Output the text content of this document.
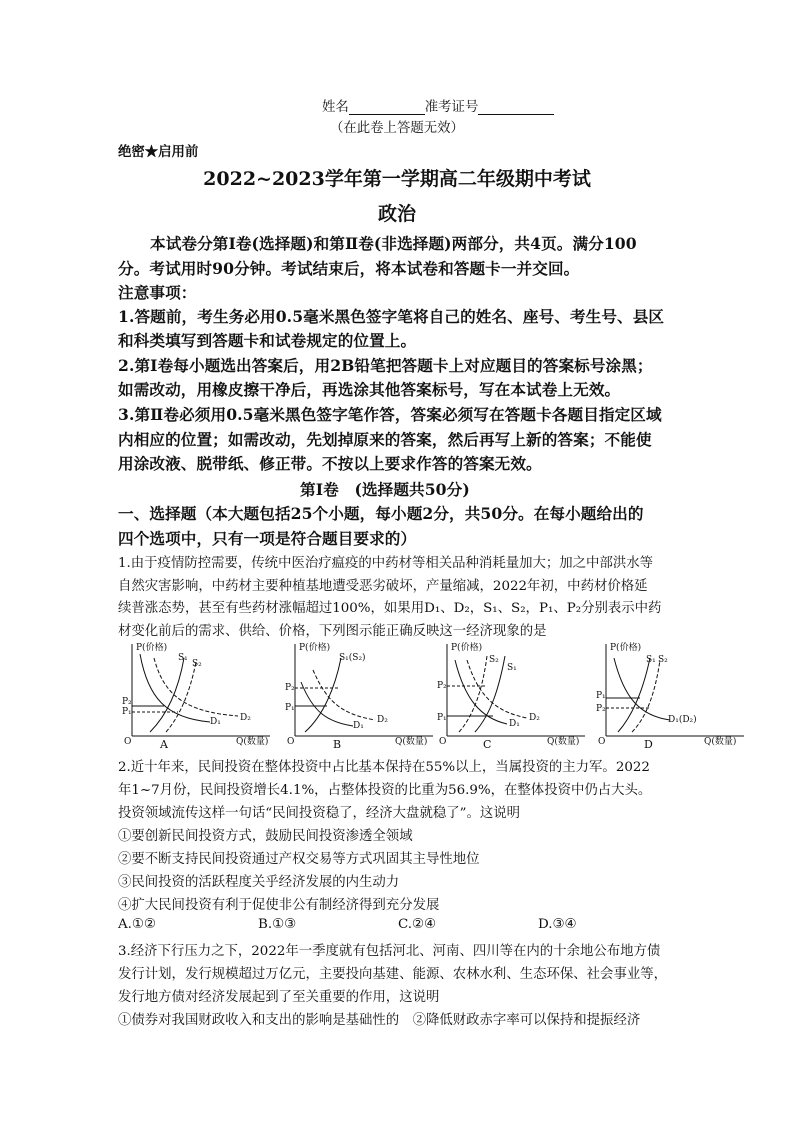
姓名	准考证号
（在此卷上答题无效）
绝密★启用前
2022~2023学年第一学期高二年级期中考试
政治
本试卷分第Ⅰ卷(选择题)和第Ⅱ卷(非选择题)两部分，共4页。满分100
分。考试用时90分钟。考试结束后，将本试卷和答题卡一并交回。
注意事项：
1.答题前，考生务必用0.5毫米黑色签字笔将自己的姓名、座号、考生号、县区
和科类填写到答题卡和试卷规定的位置上。
2.第Ⅰ卷每小题选出答案后，用2B铅笔把答题卡上对应题目的答案标号涂黑；
如需改动，用橡皮擦干净后，再选涂其他答案标号，写在本试卷上无效。
3.第Ⅱ卷必须用0.5毫米黑色签字笔作答，答案必须写在答题卡各题目指定区域
内相应的位置；如需改动，先划掉原来的答案，然后再写上新的答案；不能使
用涂改液、脱带纸、修正带。不按以上要求作答的答案无效。
第Ⅰ卷　(选择题共50分)
一、选择题（本大题包括25个小题，每小题2分，共50分。在每小题给出的
四个选项中，只有一项是符合题目要求的）
1.由于疫情防控需要，传统中医治疗瘟疫的中药材等相关品种消耗量加大；加之中部洪水等
自然灾害影响，中药材主要种植基地遭受恶劣破坏，产量缩减，2022年初，中药材价格延
续普涨态势，甚至有些药材涨幅超过100%，如果用D₁、D₂，S₁、S₂，P₁、P₂分别表示中药
材变化前后的需求、供给、价格，下列图示能正确反映这一经济现象的是
P(价格)
S₁
S₂
P₂
P₁
D₁ D₂
O	Q(数量)
A
P(价格)
S₁(S₂)
P₂
P₁
D₁
D₂
O	Q(数量)
B
P(价格)
S₂
S₁
P₂
P₁
D₁
D₂
O	Q(数量)
C
P(价格)
S₁ S₂
P₁
P₂
D₁(D₂)
O	Q(数量)
D
2.近十年来，民间投资在整体投资中占比基本保持在55%以上，当属投资的主力军。2022
年1~7月份，民间投资增长4.1%，占整体投资的比重为56.9%，在整体投资中仍占大头。
投资领域流传这样一句话“民间投资稳了，经济大盘就稳了”。这说明
①要创新民间投资方式，鼓励民间投资渗透全领域
②要不断支持民间投资通过产权交易等方式巩固其主导性地位
③民间投资的活跃程度关乎经济发展的内生动力
④扩大民间投资有利于促使非公有制经济得到充分发展
A.①②	B.①③	C.②④	D.③④
3.经济下行压力之下，2022年一季度就有包括河北、河南、四川等在内的十余地公布地方债
发行计划，发行规模超过万亿元，主要投向基建、能源、农林水利、生态环保、社会事业等，
发行地方债对经济发展起到了至关重要的作用，这说明
①债券对我国财政收入和支出的影响是基础性的　②降低财政赤字率可以保持和提振经济
